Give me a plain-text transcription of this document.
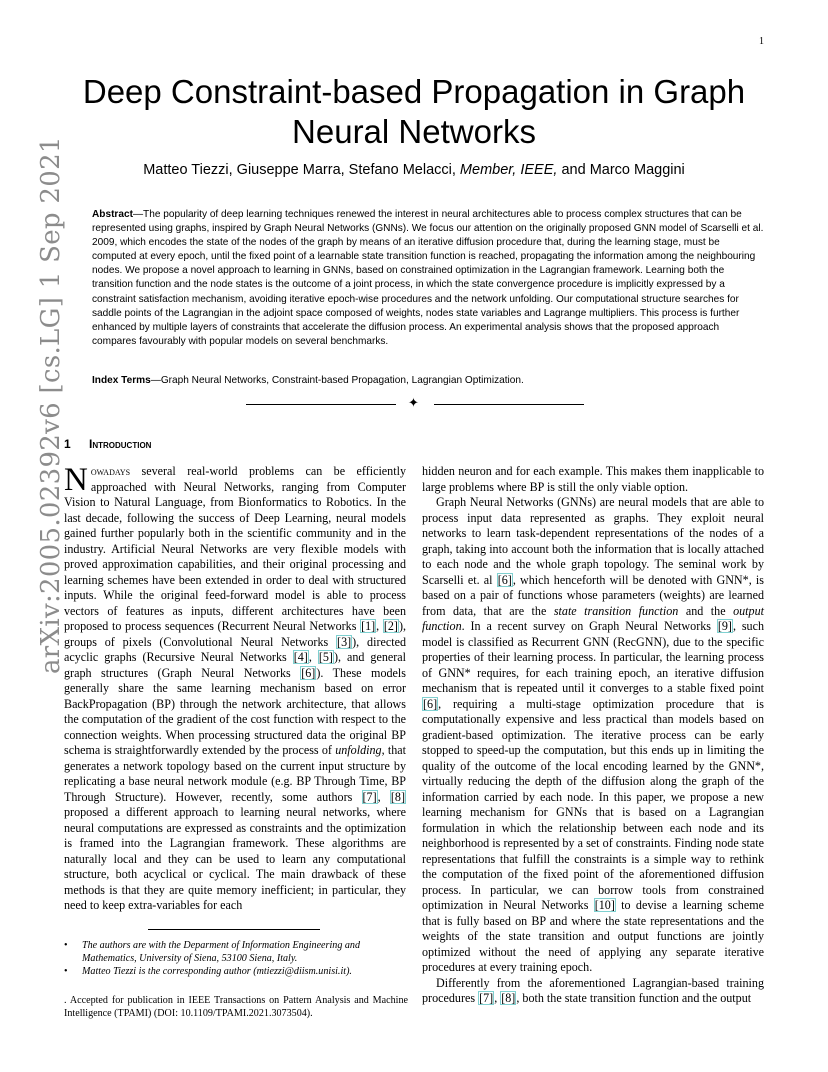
1
arXiv:2005.02392v6 [cs.LG] 1 Sep 2021
Deep Constraint-based Propagation in Graph Neural Networks
Matteo Tiezzi, Giuseppe Marra, Stefano Melacci, Member, IEEE, and Marco Maggini
Abstract—The popularity of deep learning techniques renewed the interest in neural architectures able to process complex structures that can be represented using graphs, inspired by Graph Neural Networks (GNNs). We focus our attention on the originally proposed GNN model of Scarselli et al. 2009, which encodes the state of the nodes of the graph by means of an iterative diffusion procedure that, during the learning stage, must be computed at every epoch, until the fixed point of a learnable state transition function is reached, propagating the information among the neighbouring nodes. We propose a novel approach to learning in GNNs, based on constrained optimization in the Lagrangian framework. Learning both the transition function and the node states is the outcome of a joint process, in which the state convergence procedure is implicitly expressed by a constraint satisfaction mechanism, avoiding iterative epoch-wise procedures and the network unfolding. Our computational structure searches for saddle points of the Lagrangian in the adjoint space composed of weights, nodes state variables and Lagrange multipliers. This process is further enhanced by multiple layers of constraints that accelerate the diffusion process. An experimental analysis shows that the proposed approach compares favourably with popular models on several benchmarks.
Index Terms—Graph Neural Networks, Constraint-based Propagation, Lagrangian Optimization.
✦
1 Introduction

Nowadays several real-world problems can be efficiently approached with Neural Networks, ranging from Computer Vision to Natural Language, from Bionformatics to Robotics. In the last decade, following the success of Deep Learning, neural models gained further popularly both in the scientific community and in the industry. Artificial Neural Networks are very flexible models with proved approximation capabilities, and their original processing and learning schemes have been extended in order to deal with structured inputs. While the original feed-forward model is able to process vectors of features as inputs, different architectures have been proposed to process sequences (Recurrent Neural Networks [1], [2]), groups of pixels (Convolutional Neural Networks [3]), directed acyclic graphs (Recursive Neural Networks [4], [5]), and general graph structures (Graph Neural Networks [6]). These models generally share the same learning mechanism based on error BackPropagation (BP) through the network architecture, that allows the computation of the gradient of the cost function with respect to the connection weights. When processing structured data the original BP schema is straightforwardly extended by the process of unfolding, that generates a network topology based on the current input structure by replicating a base neural network module (e.g. BP Through Time, BP Through Structure). However, recently, some authors [7], [8] proposed a different approach to learning neural networks, where neural computations are expressed as constraints and the optimization is framed into the Lagrangian framework. These algorithms are naturally local and they can be used to learn any computational structure, both acyclical or cyclical. The main drawback of these methods is that they are quite memory inefficient; in particular, they need to keep extra-variables for each

• The authors are with the Deparment of Information Engineering and Mathematics, University of Siena, 53100 Siena, Italy.
• Matteo Tiezzi is the corresponding author (mtiezzi@diism.unisi.it).
. Accepted for publication in IEEE Transactions on Pattern Analysis and Machine Intelligence (TPAMI) (DOI: 10.1109/TPAMI.2021.3073504).

hidden neuron and for each example. This makes them inapplicable to large problems where BP is still the only viable option.

Graph Neural Networks (GNNs) are neural models that are able to process input data represented as graphs. They exploit neural networks to learn task-dependent representations of the nodes of a graph, taking into account both the information that is locally attached to each node and the whole graph topology. The seminal work by Scarselli et. al [6], which henceforth will be denoted with GNN*, is based on a pair of functions whose parameters (weights) are learned from data, that are the state transition function and the output function. In a recent survey on Graph Neural Networks [9], such model is classified as Recurrent GNN (RecGNN), due to the specific properties of their learning process. In particular, the learning process of GNN* requires, for each training epoch, an iterative diffusion mechanism that is repeated until it converges to a stable fixed point [6], requiring a multi-stage optimization procedure that is computationally expensive and less practical than models based on gradient-based optimization. The iterative process can be early stopped to speed-up the computation, but this ends up in limiting the quality of the outcome of the local encoding learned by the GNN*, virtually reducing the depth of the diffusion along the graph of the information carried by each node. In this paper, we propose a new learning mechanism for GNNs that is based on a Lagrangian formulation in which the relationship between each node and its neighborhood is represented by a set of constraints. Finding node state representations that fulfill the constraints is a simple way to rethink the computation of the fixed point of the aforementioned diffusion process. In particular, we can borrow tools from constrained optimization in Neural Networks [10] to devise a learning scheme that is fully based on BP and where the state representations and the weights of the state transition and output functions are jointly optimized without the need of applying any separate iterative procedures at every training epoch.

Differently from the aforementioned Lagrangian-based training procedures [7], [8], both the state transition function and the output
